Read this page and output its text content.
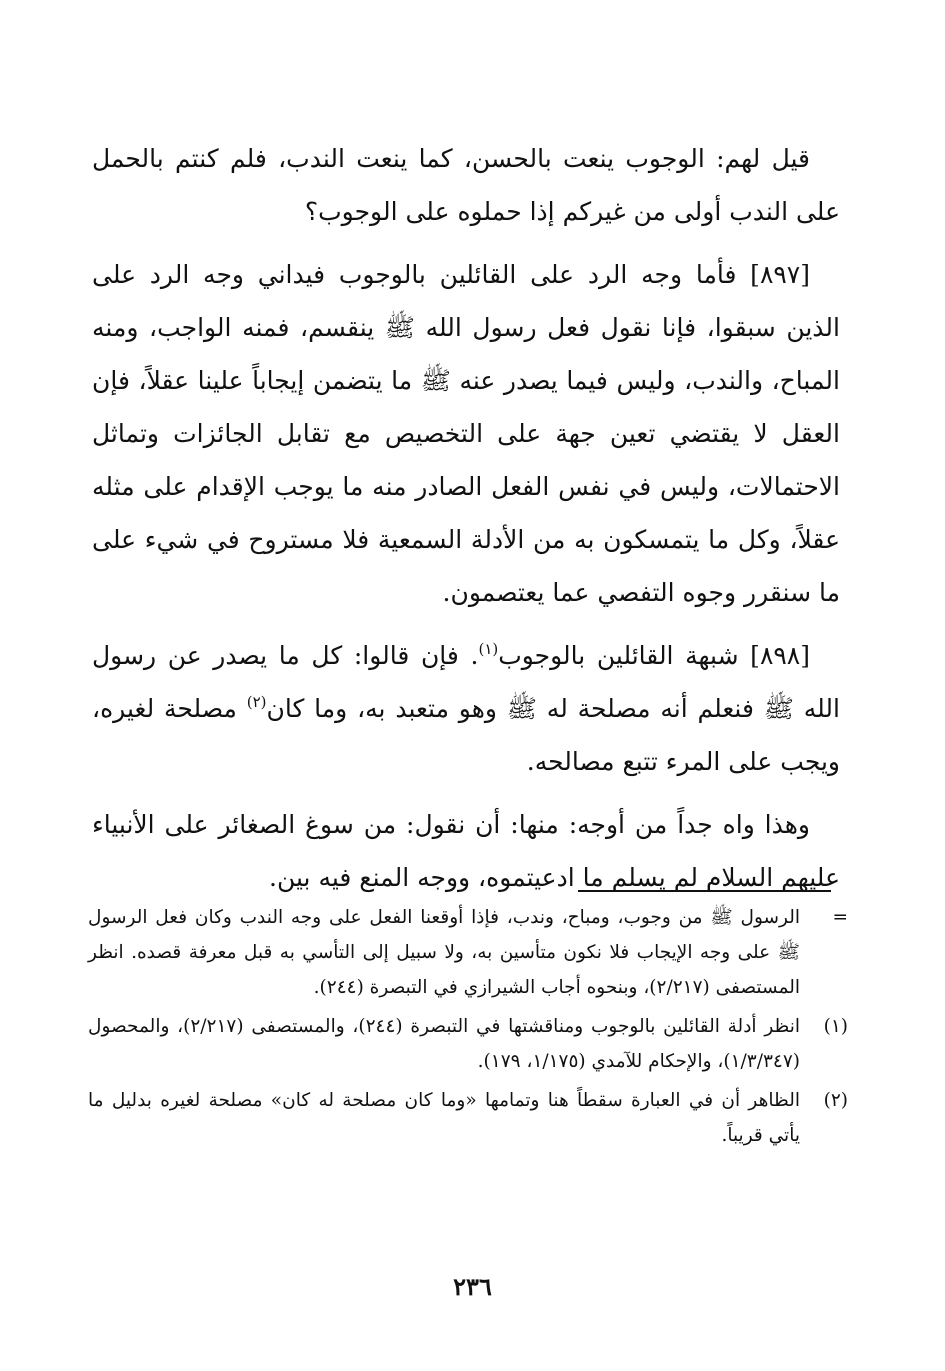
قيل لهم: الوجوب ينعت بالحسن، كما ينعت الندب، فلم كنتم بالحمل على الندب أولى من غيركم إذا حملوه على الوجوب؟

[٨٩٧] فأما وجه الرد على القائلين بالوجوب فيداني وجه الرد على الذين سبقوا، فإنا نقول فعل رسول الله ﷺ ينقسم، فمنه الواجب، ومنه المباح، والندب، وليس فيما يصدر عنه ﷺ ما يتضمن إيجاباً علينا عقلاً، فإن العقل لا يقتضي تعين جهة على التخصيص مع تقابل الجائزات وتماثل الاحتمالات، وليس في نفس الفعل الصادر منه ما يوجب الإقدام على مثله عقلاً، وكل ما يتمسكون به من الأدلة السمعية فلا مستروح في شيء على ما سنقرر وجوه التفصي عما يعتصمون.

[٨٩٨] شبهة القائلين بالوجوب$^{(١)}$. فإن قالوا: كل ما يصدر عن رسول الله ﷺ فنعلم أنه مصلحة له ﷺ وهو متعبد به، وما كان$^{(٢)}$ مصلحة لغيره، ويجب على المرء تتبع مصالحه.

وهذا واه جداً من أوجه: منها: أن نقول: من سوغ الصغائر على الأنبياء عليهم السلام لم يسلم ما ادعيتموه، ووجه المنع فيه بين.

=
الرسول ﷺ من وجوب، ومباح، وندب، فإذا أوقعنا الفعل على وجه الندب وكان فعل الرسول ﷺ على وجه الإيجاب فلا نكون متأسين به، ولا سبيل إلى التأسي به قبل معرفة قصده. انظر المستصفى (٢/٢١٧)، وبنحوه أجاب الشيرازي في التبصرة (٢٤٤).
(١)
انظر أدلة القائلين بالوجوب ومناقشتها في التبصرة (٢٤٤)، والمستصفى (٢/٢١٧)، والمحصول (١/٣/٣٤٧)، والإحكام للآمدي (١/١٧٥، ١٧٩).
(٢)
الظاهر أن في العبارة سقطاً هنا وتمامها «وما كان مصلحة له كان» مصلحة لغيره بدليل ما يأتي قريباً.
٢٣٦
